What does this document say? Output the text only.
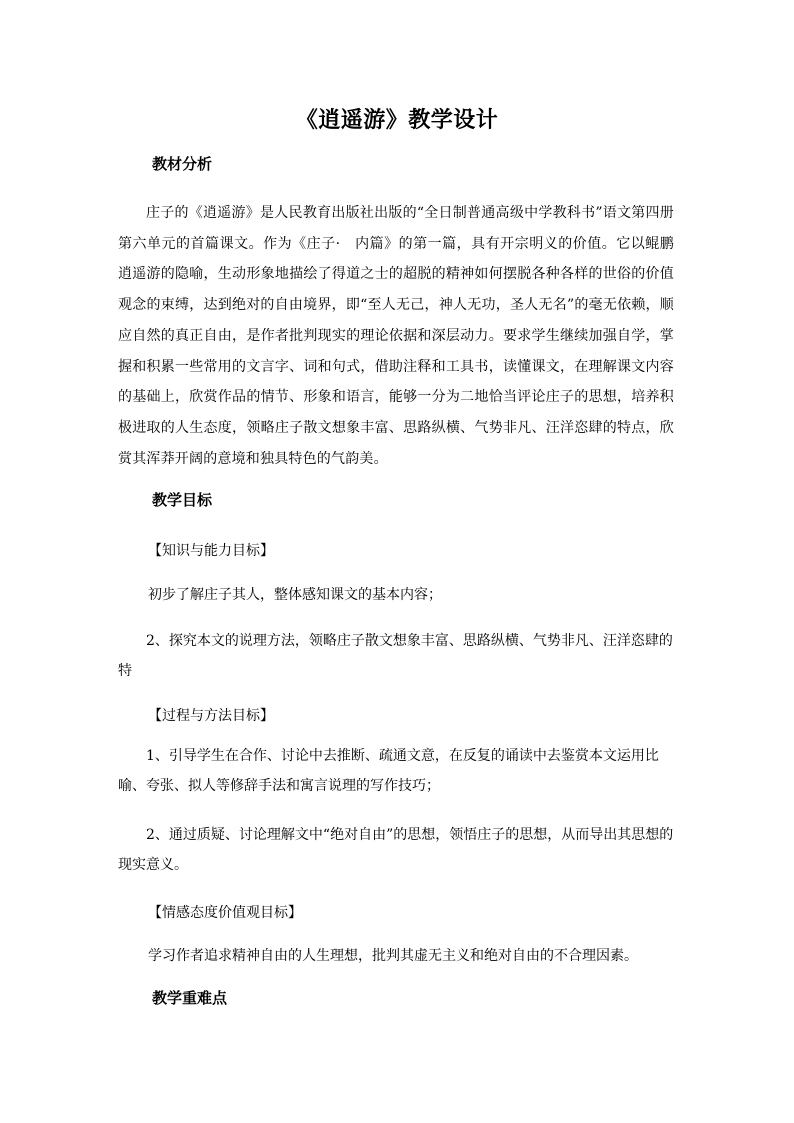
《逍遥游》教学设计
教材分析
庄子的《逍遥游》是人民教育出版社出版的“全日制普通高级中学教科书”语文第四册第六单元的首篇课文。作为《庄子·　内篇》的第一篇，具有开宗明义的价值。它以鲲鹏逍遥游的隐喻，生动形象地描绘了得道之士的超脱的精神如何摆脱各种各样的世俗的价值观念的束缚，达到绝对的自由境界，即“至人无己，神人无功，圣人无名”的毫无依赖，顺应自然的真正自由，是作者批判现实的理论依据和深层动力。要求学生继续加强自学，掌握和积累一些常用的文言字、词和句式，借助注释和工具书，读懂课文，在理解课文内容的基础上，欣赏作品的情节、形象和语言，能够一分为二地恰当评论庄子的思想，培养积极进取的人生态度，领略庄子散文想象丰富、思路纵横、气势非凡、汪洋恣肆的特点，欣赏其浑莽开阔的意境和独具特色的气韵美。
教学目标
【知识与能力目标】
初步了解庄子其人，整体感知课文的基本内容；
2、探究本文的说理方法，领略庄子散文想象丰富、思路纵横、气势非凡、汪洋恣肆的特
【过程与方法目标】
1、引导学生在合作、讨论中去推断、疏通文意，在反复的诵读中去鉴赏本文运用比喻、夸张、拟人等修辞手法和寓言说理的写作技巧；
2、通过质疑、讨论理解文中“绝对自由”的思想，领悟庄子的思想，从而导出其思想的现实意义。
【情感态度价值观目标】
学习作者追求精神自由的人生理想，批判其虚无主义和绝对自由的不合理因素。
教学重难点
